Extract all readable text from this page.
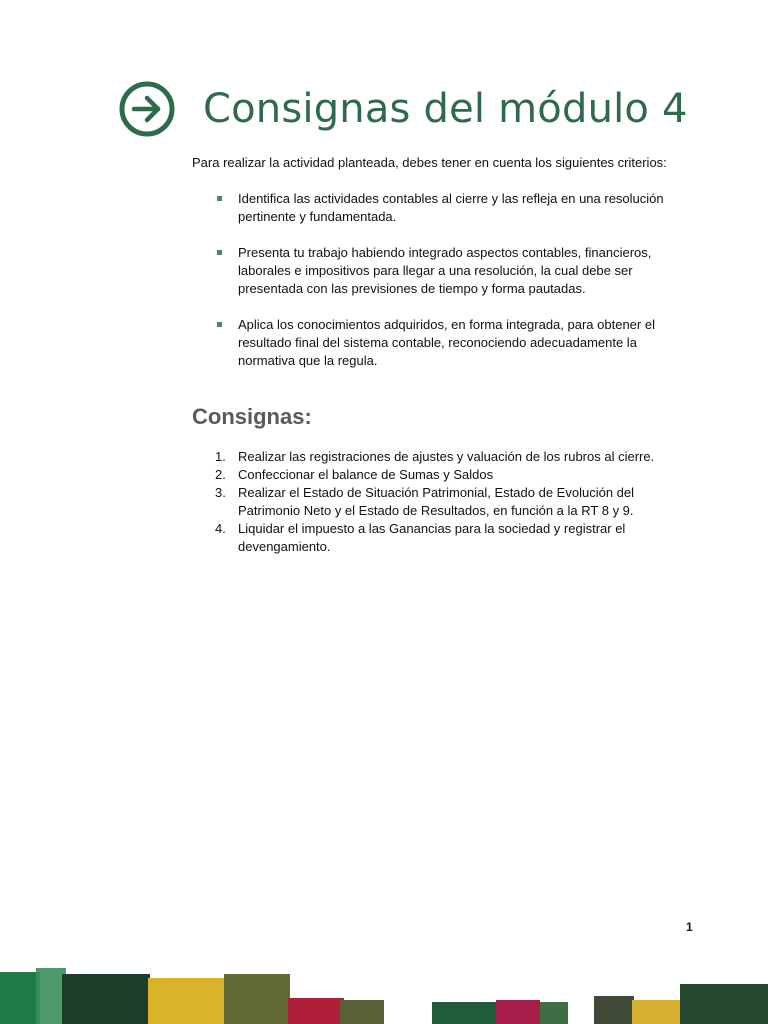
Consignas del módulo 4

Para realizar la actividad planteada, debes tener en cuenta los siguientes criterios:

Identifica las actividades contables al cierre y las refleja en una resolución pertinente y fundamentada.
Presenta tu trabajo habiendo integrado aspectos contables, financieros, laborales e impositivos para llegar a una resolución, la cual debe ser presentada con las previsiones de tiempo y forma pautadas.
Aplica los conocimientos adquiridos, en forma integrada, para obtener el resultado final del sistema contable, reconociendo adecuadamente la normativa que la regula.
Consignas:
1. Realizar las registraciones de ajustes y valuación de los rubros al cierre.
2. Confeccionar el balance de Sumas y Saldos
3. Realizar el Estado de Situación Patrimonial, Estado de Evolución del Patrimonio Neto y el Estado de Resultados, en función a la RT 8 y 9.
4. Liquidar el impuesto a las Ganancias para la sociedad y registrar el devengamiento.
1
